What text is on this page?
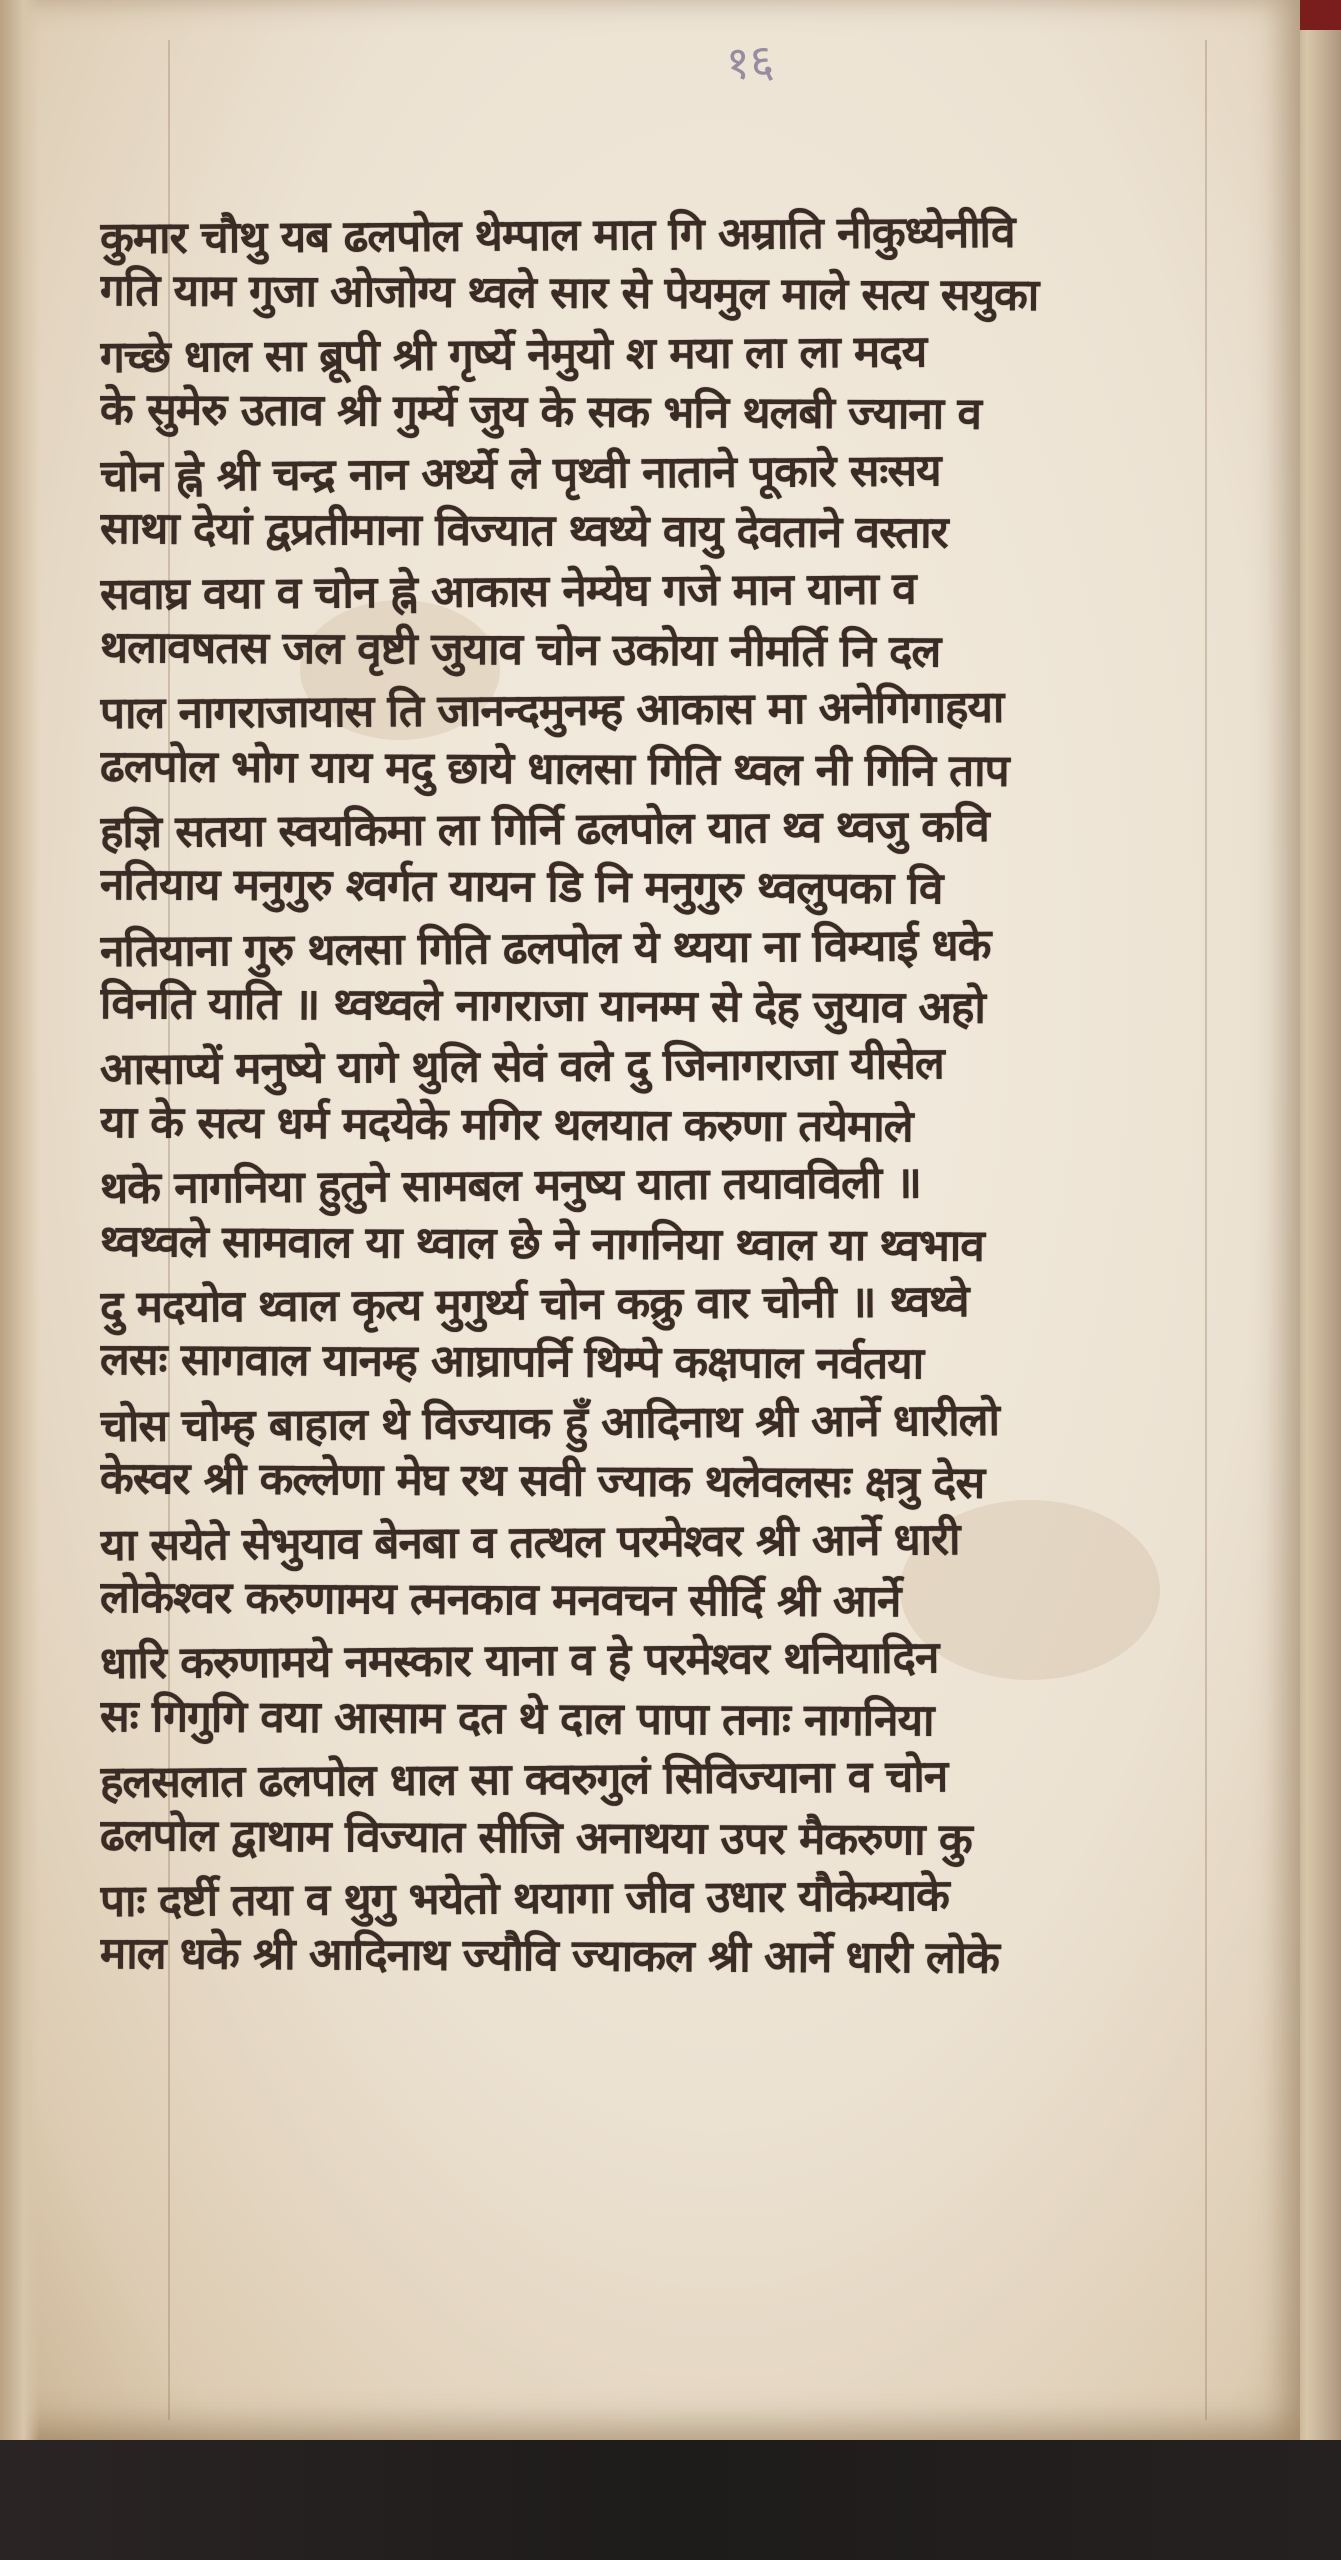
१६
कुमार चौथु यब ढलपोल थेम्पाल मात गि अम्राति नीकुध्येनीवि
गति याम गुजा ओजोग्य थ्वले सार से पेयमुल माले सत्य सयुका
गच्छे धाल सा ब्रूपी श्री गृर्ष्ये नेमुयो श मया ला ला मदय
के सुमेरु उताव श्री गुर्म्ये जुय के सक भनि थलबी ज्याना व
चोन ह्ने श्री चन्द्र नान अर्थ्ये ले पृथ्वी नाताने पूकारे सःसय
साथा देयां द्वप्रतीमाना विज्यात थ्वथ्ये वायु देवताने वस्तार
सवाघ्र वया व चोन ह्ने आकास नेम्येघ गजे मान याना व
थलावषतस जल वृष्टी जुयाव चोन उकोया नीमर्ति नि दल
पाल नागराजायास ति जानन्दमुनम्ह आकास मा अनेगिगाहया
ढलपोल भोग याय मदु छाये धालसा गिति थ्वल नी गिनि ताप
हज्ञि सतया स्वयकिमा ला गिर्नि ढलपोल यात थ्व थ्वजु कवि
नतियाय मनुगुरु श्वर्गत यायन डि नि मनुगुरु थ्वलुपका वि
नतियाना गुरु थलसा गिति ढलपोल ये थ्यया ना विम्याई धके
विनति याति ॥ थ्वथ्वले नागराजा यानम्म से देह जुयाव अहो
आसाप्यें मनुष्ये यागे थुलि सेवं वले दु जिनागराजा यीसेल
या के सत्य धर्म मदयेके मगिर थलयात करुणा तयेमाले
थके नागनिया हुतुने सामबल मनुष्य याता तयावविली ॥
थ्वथ्वले सामवाल या थ्वाल छे ने नागनिया थ्वाल या थ्वभाव
दु मदयोव थ्वाल कृत्य मुगुर्थ्य चोन कक्रु वार चोनी ॥ थ्वथ्वे
लसः सागवाल यानम्ह आघ्रापर्नि थिम्पे कक्षपाल नर्वतया
चोस चोम्ह बाहाल थे विज्याक हुँ आदिनाथ श्री आर्ने धारीलो
केस्वर श्री कल्लेणा मेघ रथ सवी ज्याक थलेवलसः क्षत्रु देस
या सयेते सेभुयाव बेनबा व तत्थल परमेश्वर श्री आर्ने धारी
लोकेश्वर करुणामय त्मनकाव मनवचन सीर्दि श्री आर्ने
धारि करुणामये नमस्कार याना व हे परमेश्वर थनियादिन
सः गिगुगि वया आसाम दत थे दाल पापा तनाः नागनिया
हलसलात ढलपोल धाल सा क्वरुगुलं सिविज्याना व चोन
ढलपोल द्वाथाम विज्यात सीजि अनाथया उपर मैकरुणा कु
पाः दर्ष्टी तया व थुगु भयेतो थयागा जीव उधार यौकेम्याके
माल धके श्री आदिनाथ ज्यौवि ज्याकल श्री आर्ने धारी लोके
